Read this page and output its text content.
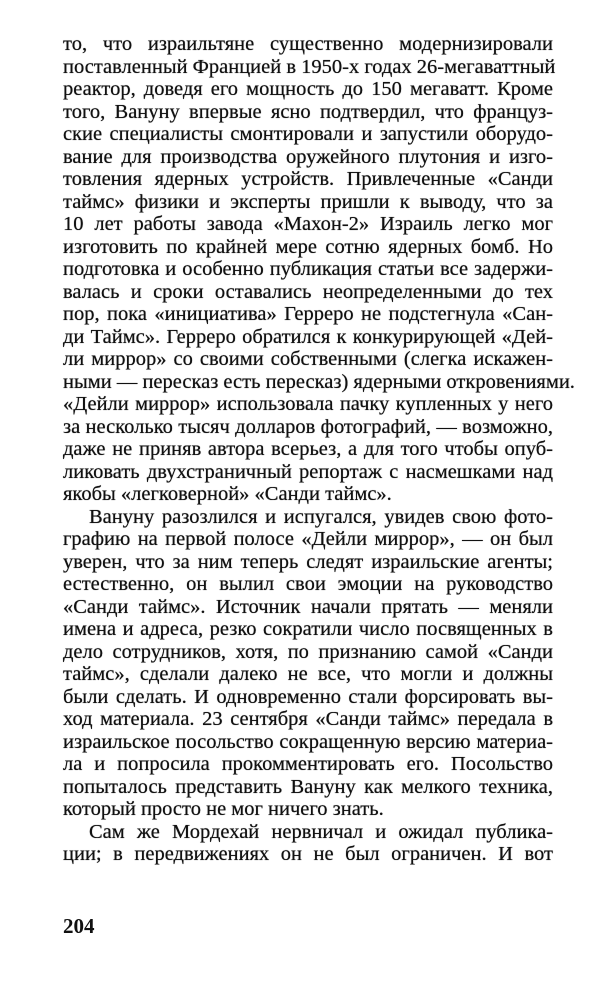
то, что израильтяне существенно модернизировали
поставленный Францией в 1950-х годах 26-мегаваттный
реактор, доведя его мощность до 150 мегаватт. Кроме
того, Вануну впервые ясно подтвердил, что француз-
ские специалисты смонтировали и запустили оборудо-
вание для производства оружейного плутония и изго-
товления ядерных устройств. Привлеченные «Санди
таймс» физики и эксперты пришли к выводу, что за
10 лет работы завода «Махон-2» Израиль легко мог
изготовить по крайней мере сотню ядерных бомб. Но
подготовка и особенно публикация статьи все задержи-
валась и сроки оставались неопределенными до тех
пор, пока «инициатива» Герреро не подстегнула «Сан-
ди Таймс». Герреро обратился к конкурирующей «Дей-
ли миррор» со своими собственными (слегка искажен-
ными — пересказ есть пересказ) ядерными откровениями.
«Дейли миррор» использовала пачку купленных у него
за несколько тысяч долларов фотографий, — возможно,
даже не приняв автора всерьез, а для того чтобы опуб-
ликовать двухстраничный репортаж с насмешками над
якобы «легковерной» «Санди таймс».
Вануну разозлился и испугался, увидев свою фото-
графию на первой полосе «Дейли миррор», — он был
уверен, что за ним теперь следят израильские агенты;
естественно, он вылил свои эмоции на руководство
«Санди таймс». Источник начали прятать — меняли
имена и адреса, резко сократили число посвященных в
дело сотрудников, хотя, по признанию самой «Санди
таймс», сделали далеко не все, что могли и должны
были сделать. И одновременно стали форсировать вы-
ход материала. 23 сентября «Санди таймс» передала в
израильское посольство сокращенную версию материа-
ла и попросила прокомментировать его. Посольство
попыталось представить Вануну как мелкого техника,
который просто не мог ничего знать.
Сам же Мордехай нервничал и ожидал публика-
ции; в передвижениях он не был ограничен. И вот
204
